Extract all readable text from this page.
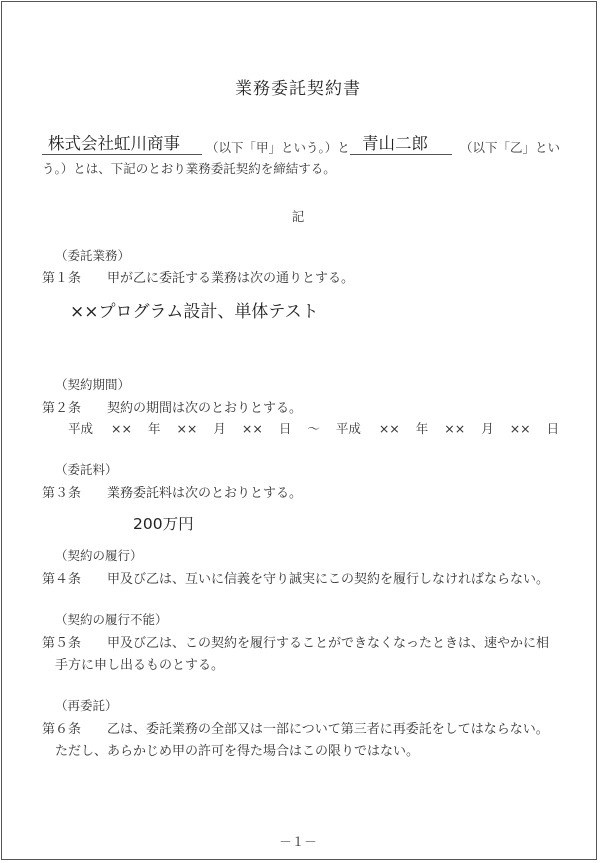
業務委託契約書
株式会社虹川商事	（以下「甲」という。）と 青山二郎	（以下「乙」とい
う。）とは、下記のとおり業務委託契約を締結する。
記
（委託業務）
第１条 甲が乙に委託する業務は次の通りとする。
××プログラム設計、単体テスト
（契約期間）
第２条 契約の期間は次のとおりとする。
平成 ×× 年 ×× 月 ×× 日 ～ 平成 ×× 年 ×× 月 ×× 日
（委託料）
第３条 業務委託料は次のとおりとする。
200万円
（契約の履行）
第４条 甲及び乙は、互いに信義を守り誠実にこの契約を履行しなければならない。
（契約の履行不能）
第５条 甲及び乙は、この契約を履行することができなくなったときは、速やかに相
手方に申し出るものとする。
（再委託）
第６条 乙は、委託業務の全部又は一部について第三者に再委託をしてはならない。
ただし、あらかじめ甲の許可を得た場合はこの限りではない。
－１－
